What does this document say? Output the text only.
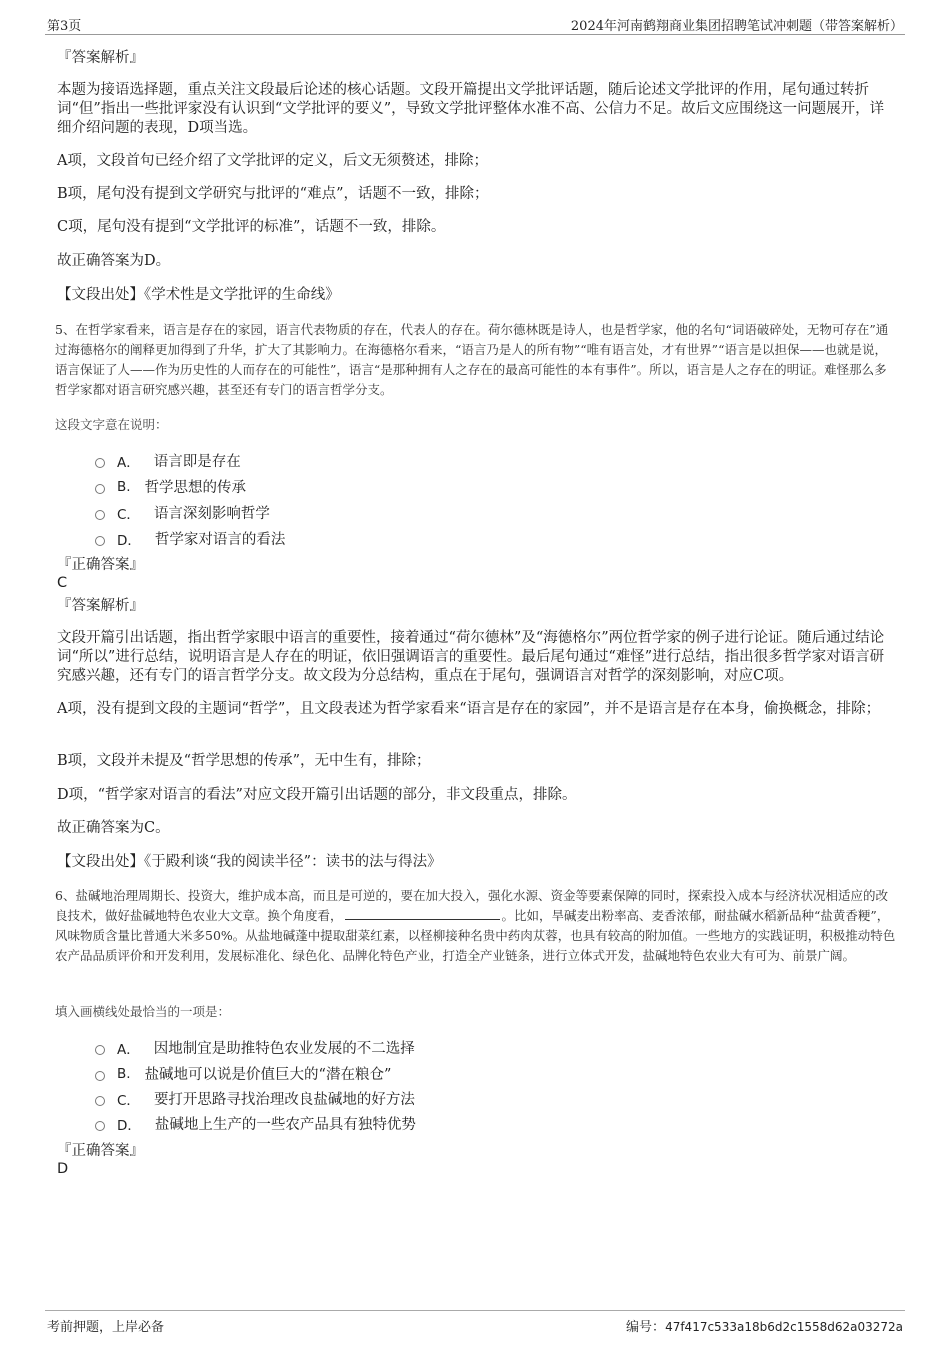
第3页	2024年河南鹤翔商业集团招聘笔试冲刺题（带答案解析）
『答案解析』
本题为接语选择题，重点关注文段最后论述的核心话题。文段开篇提出文学批评话题，随后论述文学批评的作用，尾句通过转折词“但”指出一些批评家没有认识到“文学批评的要义”，导致文学批评整体水准不高、公信力不足。故后文应围绕这一问题展开，详细介绍问题的表现，D项当选。
A项，文段首句已经介绍了文学批评的定义，后文无须赘述，排除；
B项，尾句没有提到文学研究与批评的“难点”，话题不一致，排除；
C项，尾句没有提到“文学批评的标准”，话题不一致，排除。
故正确答案为D。
【文段出处】《学术性是文学批评的生命线》
5、在哲学家看来，语言是存在的家园，语言代表物质的存在，代表人的存在。荷尔德林既是诗人，也是哲学家，他的名句“词语破碎处，无物可存在”通过海德格尔的阐释更加得到了升华，扩大了其影响力。在海德格尔看来，“语言乃是人的所有物”“唯有语言处，才有世界”“语言是以担保——也就是说，语言保证了人——作为历史性的人而存在的可能性”，语言“是那种拥有人之存在的最高可能性的本有事件”。所以，语言是人之存在的明证。难怪那么多哲学家都对语言研究感兴趣，甚至还有专门的语言哲学分支。
这段文字意在说明：
A． 语言即是存在
B. 哲学思想的传承
C． 语言深刻影响哲学
D． 哲学家对语言的看法
『正确答案』
C
『答案解析』
文段开篇引出话题，指出哲学家眼中语言的重要性，接着通过“荷尔德林”及“海德格尔”两位哲学家的例子进行论证。随后通过结论词“所以”进行总结，说明语言是人存在的明证，依旧强调语言的重要性。最后尾句通过“难怪”进行总结，指出很多哲学家对语言研究感兴趣，还有专门的语言哲学分支。故文段为分总结构，重点在于尾句，强调语言对哲学的深刻影响，对应C项。
A项，没有提到文段的主题词“哲学”，且文段表述为哲学家看来“语言是存在的家园”，并不是语言是存在本身，偷换概念，排除；
B项，文段并未提及“哲学思想的传承”，无中生有，排除；
D项，“哲学家对语言的看法”对应文段开篇引出话题的部分，非文段重点，排除。
故正确答案为C。
【文段出处】《于殿利谈“我的阅读半径”：读书的法与得法》
6、盐碱地治理周期长、投资大，维护成本高，而且是可逆的，要在加大投入，强化水源、资金等要素保障的同时，探索投入成本与经济状况相适应的改良技术，做好盐碱地特色农业大文章。换个角度看，	。比如，旱碱麦出粉率高、麦香浓郁，耐盐碱水稻新品种“盐黄香粳”，风味物质含量比普通大米多50%。从盐地碱蓬中提取甜菜红素，以柽柳接种名贵中药肉苁蓉，也具有较高的附加值。一些地方的实践证明，积极推动特色农产品品质评价和开发利用，发展标准化、绿色化、品牌化特色产业，打造全产业链条，进行立体式开发，盐碱地特色农业大有可为、前景广阔。
填入画横线处最恰当的一项是：
A． 因地制宜是助推特色农业发展的不二选择
B. 盐碱地可以说是价值巨大的“潜在粮仓”
C． 要打开思路寻找治理改良盐碱地的好方法
D． 盐碱地上生产的一些农产品具有独特优势
『正确答案』
D
考前押题，上岸必备	编号：47f417c533a18b6d2c1558d62a03272a
